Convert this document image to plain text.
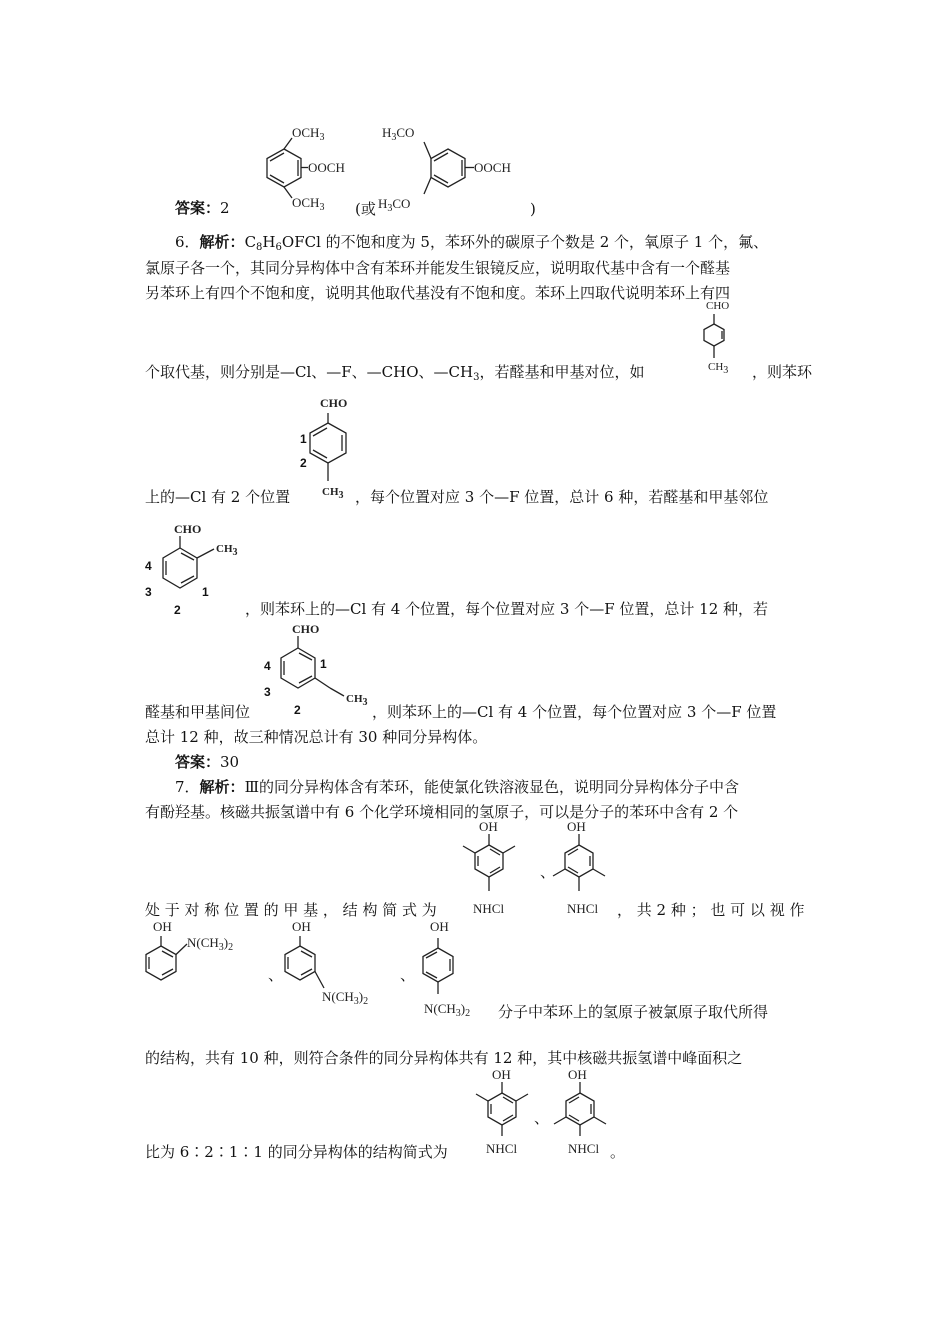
$OCH_3$
OOCH
$OCH_3$
答案：2	(或	)
$H_3CO$
OOCH
$H_3CO$
6．解析：$C_8H_6OFCl$ 的不饱和度为 5，苯环外的碳原子个数是 2 个，氧原子 1 个，氟、
氯原子各一个，其同分异构体中含有苯环并能发生银镜反应，说明取代基中含有一个醛基
另苯环上有四个不饱和度，说明其他取代基没有不饱和度。苯环上四取代说明苯环上有四
CHO
$CH_3$
个取代基，则分别是—Cl、—F、—CHO、$—CH_3$，若醛基和甲基对位，如	，则苯环
CHO
1
2
$CH_3$
上的—Cl 有 2 个位置	，每个位置对应 3 个—F 位置，总计 6 种，若醛基和甲基邻位
CHO
$CH_3$
4
3	1
2	，则苯环上的—Cl 有 4 个位置，每个位置对应 3 个—F 位置，总计 12 种，若
CHO
4	1
3
2
$CH_3$
醛基和甲基间位	，则苯环上的—Cl 有 4 个位置，每个位置对应 3 个—F 位置
总计 12 种，故三种情况总计有 30 种同分异构体。
答案：30
7．解析：Ⅲ的同分异构体含有苯环，能使氯化铁溶液显色，说明同分异构体分子中含
有酚羟基。核磁共振氢谱中有 6 个化学环境相同的氢原子，可以是分子的苯环中含有 2 个
OH
NHCl
、
OH
NHCl
处 于 对 称 位 置 的 甲 基 ， 结 构 简 式 为	， 共 2 种 ； 也 可 以 视 作
OH
$N(CH_3)_2$
、
OH
$N(CH_3)_2$
、
OH
$N(CH_3)_2$ 分子中苯环上的氢原子被氯原子取代所得
的结构，共有 10 种，则符合条件的同分异构体共有 12 种，其中核磁共振氢谱中峰面积之
OH
NHCl
、
OH
NHCl
比为 6∶2∶1∶1 的同分异构体的结构简式为	。
